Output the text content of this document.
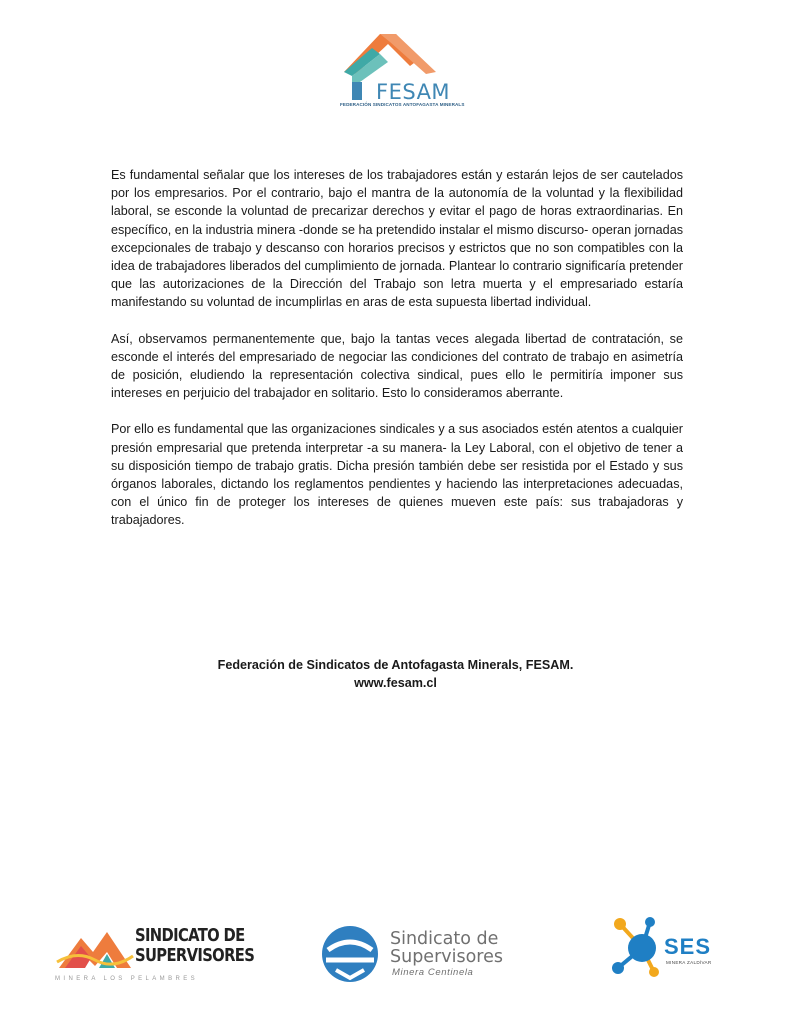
FESAM
FEDERACIÓN SINDICATOS ANTOFAGASTA MINERALS

Es fundamental señalar que los intereses de los trabajadores están y estarán lejos de ser cautelados por los empresarios. Por el contrario, bajo el mantra de la autonomía de la voluntad y la flexibilidad laboral, se esconde la voluntad de precarizar derechos y evitar el pago de horas extraordinarias. En específico, en la industria minera -donde se ha pretendido instalar el mismo discurso- operan jornadas excepcionales de trabajo y descanso con horarios precisos y estrictos que no son compatibles con la idea de trabajadores liberados del cumplimiento de jornada. Plantear lo contrario significaría pretender que las autorizaciones de la Dirección del Trabajo son letra muerta y el empresariado estaría manifestando su voluntad de incumplirlas en aras de esta supuesta libertad individual.

Así, observamos permanentemente que, bajo la tantas veces alegada libertad de contratación, se esconde el interés del empresariado de negociar las condiciones del contrato de trabajo en asimetría de posición, eludiendo la representación colectiva sindical, pues ello le permitiría imponer sus intereses en perjuicio del trabajador en solitario. Esto lo consideramos aberrante.

Por ello es fundamental que las organizaciones sindicales y a sus asociados estén atentos a cualquier presión empresarial que pretenda interpretar -a su manera- la Ley Laboral, con el objetivo de tener a su disposición tiempo de trabajo gratis. Dicha presión también debe ser resistida por el Estado y sus órganos laborales, dictando los reglamentos pendientes y haciendo las interpretaciones adecuadas, con el único fin de proteger los intereses de quienes mueven este país: sus trabajadoras y trabajadores.

Federación de Sindicatos de Antofagasta Minerals, FESAM.
www.fesam.cl
SINDICATO DE
SUPERVISORES
MINERA LOS PELAMBRES
Sindicato de
Supervisores
Minera Centinela
SES
MINERA ZALDÍVAR
